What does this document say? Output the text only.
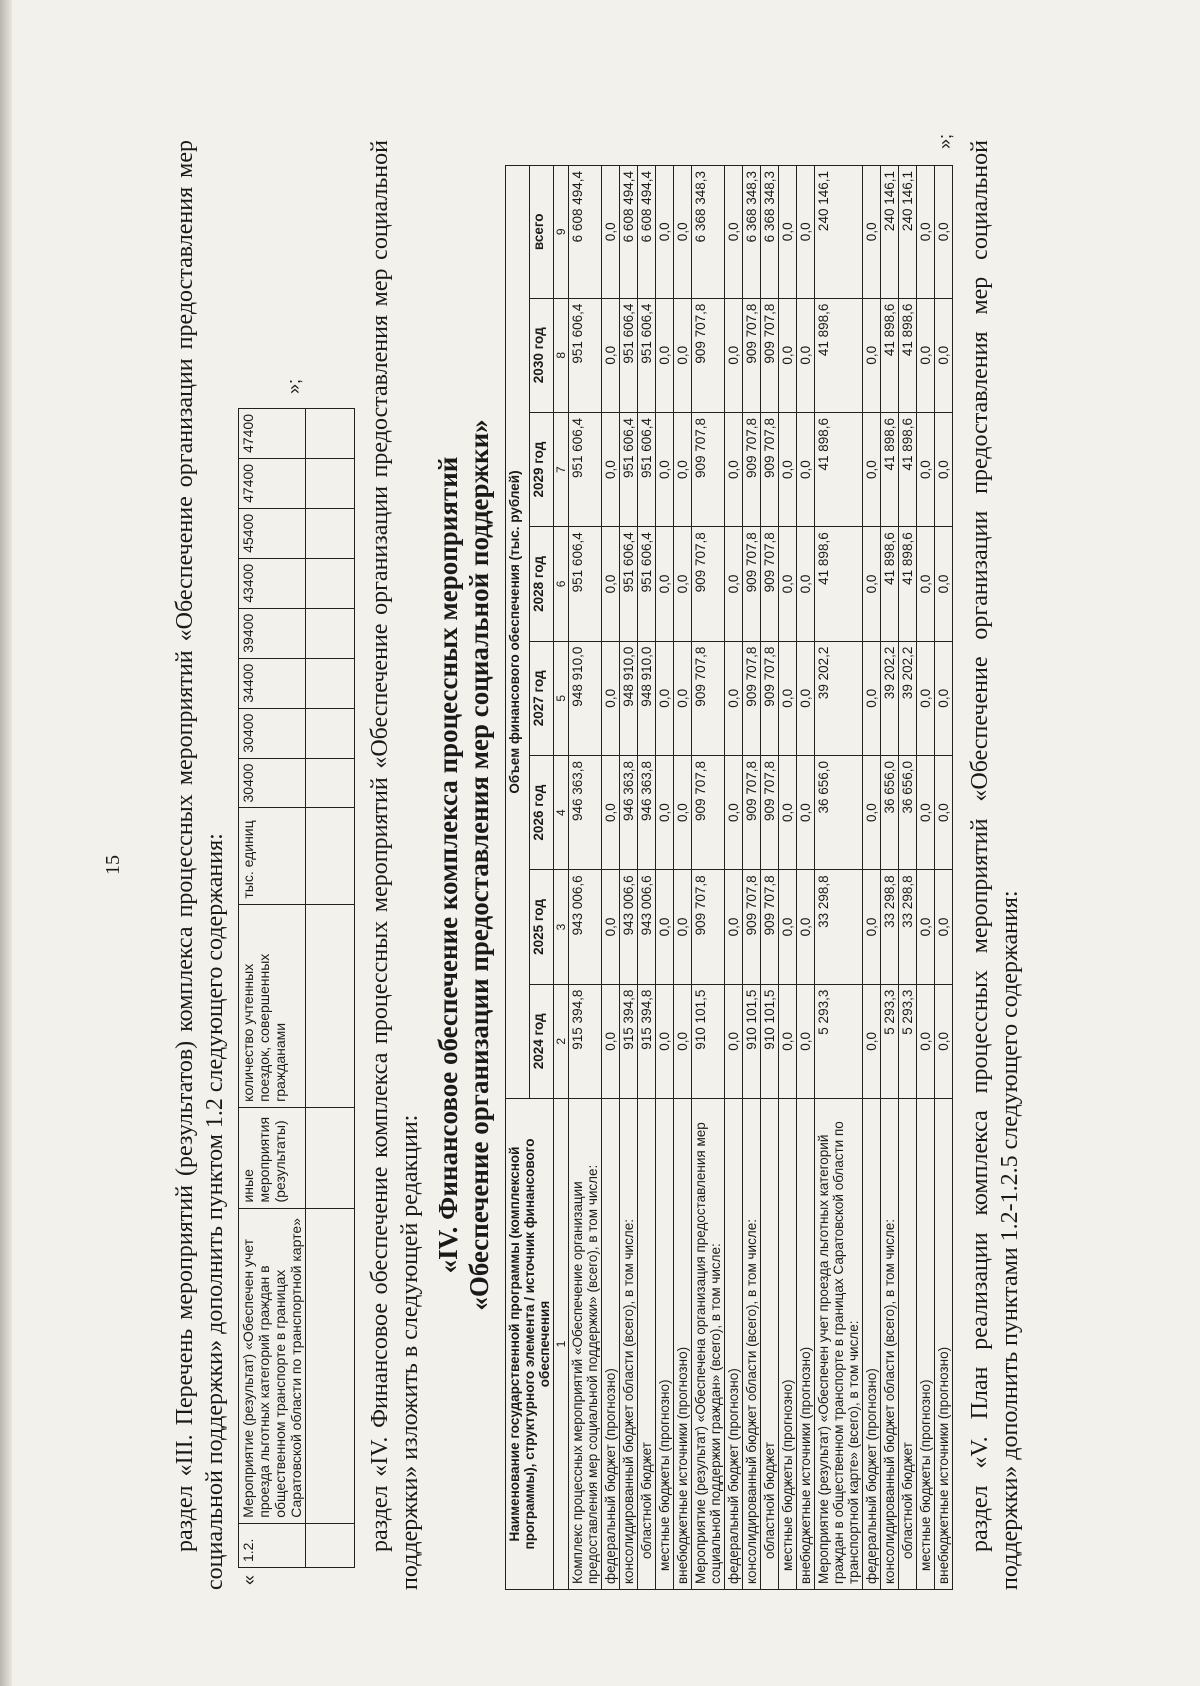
15 раздел «III. Перечень мероприятий (результатов) комплекса процессных мероприятий «Обеспечение организации предоставления мер социальной поддержки» дополнить пунктом 1.2 следующего содержания: «
1.2.	Мероприятие (результат) «Обеспечен учет проезда льготных категорий граждан в общественном транспорте в границах Саратовской области по транспортной карте»	иные мероприятия (результаты)	количество учтенных поездок, совершенных гражданами	тыс. единиц	30400	30400	34400	39400	43400	45400	47400	47400
»;

													раздел «IV. Финансовое обеспечение комплекса процессных мероприятий «Обеспечение организации предоставления мер социальной поддержки» изложить в следующей редакции:

«IV. Финансовое обеспечение комплекса процессных мероприятий «Обеспечение организации предоставления мер социальной поддержки»
Наименование государственной программы (комплексной программы), структурного элемента / источник финансового обеспечения	Объем финансового обеспечения (тыс. рублей)							
	2024 год	2025 год	2026 год	2027 год	2028 год	2029 год	2030 год	всего
1	2	3	4	5	6	7	8	9
Комплекс процессных мероприятий «Обеспечение организации предоставления мер социальной поддержки» (всего), в том числе:	915 394,8	943 006,6	946 363,8	948 910,0	951 606,4	951 606,4	951 606,4	6 608 494,4
федеральный бюджет (прогнозно)	0,0	0,0	0,0	0,0	0,0	0,0	0,0	0,0
консолидированный бюджет области (всего), в том числе:	915 394,8	943 006,6	946 363,8	948 910,0	951 606,4	951 606,4	951 606,4	6 608 494,4
областной бюджет	915 394,8	943 006,6	946 363,8	948 910,0	951 606,4	951 606,4	951 606,4	6 608 494,4
местные бюджеты (прогнозно)	0,0	0,0	0,0	0,0	0,0	0,0	0,0	0,0
внебюджетные источники (прогнозно)	0,0	0,0	0,0	0,0	0,0	0,0	0,0	0,0
Мероприятие (результат) «Обеспечена организация предоставления мер социальной поддержки граждан» (всего), в том числе:	910 101,5	909 707,8	909 707,8	909 707,8	909 707,8	909 707,8	909 707,8	6 368 348,3
федеральный бюджет (прогнозно)	0,0	0,0	0,0	0,0	0,0	0,0	0,0	0,0
консолидированный бюджет области (всего), в том числе:	910 101,5	909 707,8	909 707,8	909 707,8	909 707,8	909 707,8	909 707,8	6 368 348,3
областной бюджет	910 101,5	909 707,8	909 707,8	909 707,8	909 707,8	909 707,8	909 707,8	6 368 348,3
местные бюджеты (прогнозно)	0,0	0,0	0,0	0,0	0,0	0,0	0,0	0,0
внебюджетные источники (прогнозно)	0,0	0,0	0,0	0,0	0,0	0,0	0,0	0,0
Мероприятие (результат) «Обеспечен учет проезда льготных категорий граждан в общественном транспорте в границах Саратовской области по транспортной карте» (всего), в том числе:	5 293,3	33 298,8	36 656,0	39 202,2	41 898,6	41 898,6	41 898,6	240 146,1
федеральный бюджет (прогнозно)	0,0	0,0	0,0	0,0	0,0	0,0	0,0	0,0
консолидированный бюджет области (всего), в том числе:	5 293,3	33 298,8	36 656,0	39 202,2	41 898,6	41 898,6	41 898,6	240 146,1
областной бюджет	5 293,3	33 298,8	36 656,0	39 202,2	41 898,6	41 898,6	41 898,6	240 146,1
местные бюджеты (прогнозно)	0,0	0,0	0,0	0,0	0,0	0,0	0,0	0,0
внебюджетные источники (прогнозно)	0,0	0,0	0,0	0,0	0,0	0,0	0,0	0,0
»; раздел «V. План реализации комплекса процессных мероприятий «Обеспечение организации предоставления мер социальной поддержки» дополнить пунктами 1.2-1.2.5 следующего содержания:
